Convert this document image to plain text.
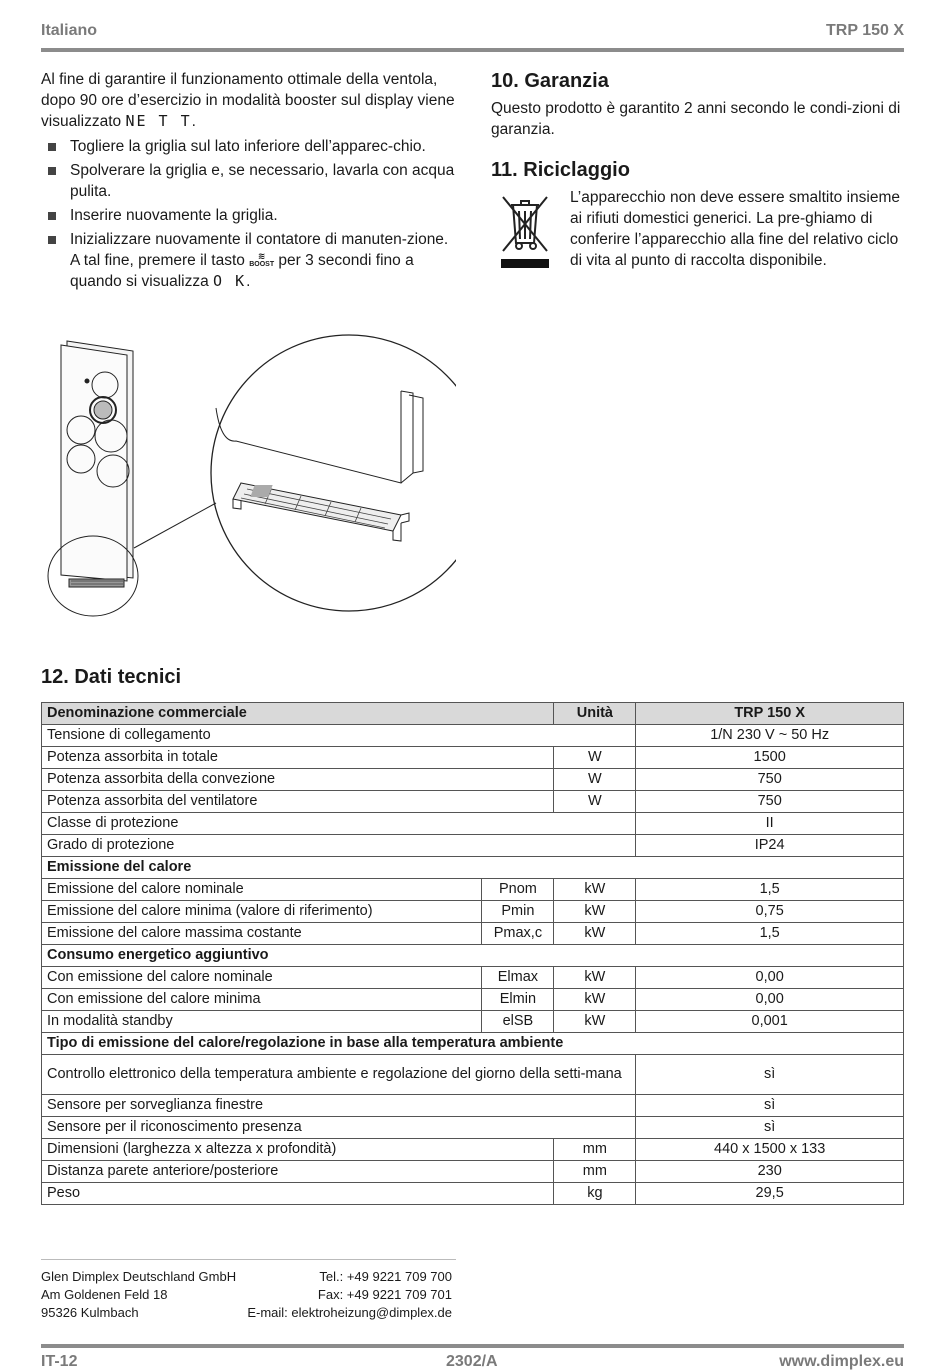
Italiano	TRP 150 X

Al fine di garantire il funzionamento ottimale della ventola, dopo 90 ore d’esercizio in modalità booster sul display viene visualizzato NE T T.

Togliere la griglia sul lato inferiore dell’apparec-chio.
Spolverare la griglia e, se necessario, lavarla con acqua pulita.
Inserire nuovamente la griglia.
Inizializzare nuovamente il contatore di manuten-zione. A tal fine, premere il tasto ≋
BOOST per 3 secondi fino a quando si visualizza O K.
10. Garanzia

Questo prodotto è garantito 2 anni secondo le condi-zioni di garanzia.

11. Riciclaggio

L’apparecchio non deve essere smaltito insieme ai rifiuti domestici generici. La pre-ghiamo di conferire l’apparecchio alla fine del relativo ciclo di vita al punto di raccolta disponibile.

12. Dati tecnici
Denominazione commerciale		Unità	TRP 150 X
Tensione di collegamento			1/N 230 V ~ 50 Hz
Potenza assorbita in totale		W	1500
Potenza assorbita della convezione		W	750
Potenza assorbita del ventilatore		W	750
Classe di protezione			II
Grado di protezione			IP24
Emissione del calore			
Emissione del calore nominale	Pnom	kW	1,5
Emissione del calore minima (valore di riferimento)	Pmin	kW	0,75
Emissione del calore massima costante	Pmax,c	kW	1,5
Consumo energetico aggiuntivo			
Con emissione del calore nominale	Elmax	kW	0,00
Con emissione del calore minima	Elmin	kW	0,00
In modalità standby	elSB	kW	0,001
Tipo di emissione del calore/regolazione in base alla temperatura ambiente			
Controllo elettronico della temperatura ambiente e regolazione del giorno della setti-mana			sì
Sensore per sorveglianza finestre			sì
Sensore per il riconoscimento presenza			sì
Dimensioni (larghezza x altezza x profondità)		mm	440 x 1500 x 133
Distanza parete anteriore/posteriore		mm	230
Peso		kg	29,5
Glen Dimplex Deutschland GmbH
Am Goldenen Feld 18
95326 Kulmbach
Tel.: +49 9221 709 700
Fax: +49 9221 709 701
E-mail: elektroheizung@dimplex.de
IT-12	2302/A	www.dimplex.eu
